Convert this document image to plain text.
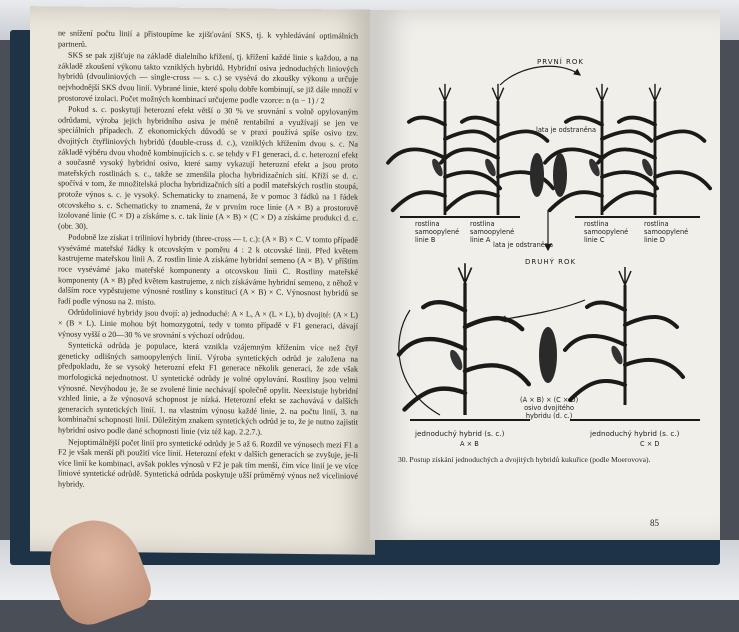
ne snížení počtu linií a přistoupíme ke zjišťování SKS, tj. k vyhledávání optimálních partnerů.

SKS se pak zjišťuje na základě dialelního křížení, tj. křížení každé linie s každou, a na základě zkoušení výkonu takto vzniklých hybridů. Hybridní osiva jednoduchých liniových hybridů (dvouliniových — single-cross — s. c.) se vysévá do zkoušky výkonu a určuje nejvhodnější SKS dvou linií. Vybrané linie, které spolu dobře kombinují, se již dále množí v prostorové izolaci. Počet možných kombinací určujeme podle vzorce: n (n − 1) / 2

Pokud s. c. poskytují heterozní efekt větší o 30 % ve srovnání s volně opylovaným odrůdami, výroba jejich hybridního osiva je méně rentabilní a využívají se jen ve speciálních případech. Z ekonomických důvodů se v praxi používá spíše osivo tzv. dvojitých čtyřliniových hybridů (double-cross d. c.), vzniklých křížením dvou s. c. Na základě výběru dvou vhodně kombinujících s. c. se tehdy v F1 generaci, d. c. heterozní efekt a současně vysoký hybridní osivo, které samy vykazují heterozní efekt a jsou proto mateřských rostlinách s. c., takže se zmenšila plocha hybridizačních sítí. Kříží se d. c. spočívá v tom, že množitelská plocha hybridizačních sítí a podíl mateřských rostlin stoupá, protože výnos s. c. je vysoký. Schematicky to znamená, že v pomoc 3 řádků na 1 řádek otcovského s. c. Schematicky to znamená, že v prvním roce linie (A × B) a prostorově izolované linie (C × D) a získáme s. c. tak linie (A × B) × (C × D) a získáme produkci d. c. (obr. 30).

Podobně lze získat i trilinioví hybridy (three-cross — t. c.): (A × B) × C. V tomto případě vysévámé mateřské řádky k otcovským v poměru 4 : 2 k otcovské linii. Před květem kastrujeme mateřskou linii A. Z rostlin linie A získáme hybridní semeno (A × B). V příštím roce vysévámé jako mateřské komponenty a otcovskou linii C. Rostliny mateřské komponenty (A × B) před květem kastrujeme, z nich získáváme hybridní semeno, z něhož v dalším roce vypěstujeme výnosné rostliny s konstitucí (A × B) × C. Výnosnost hybridů se řadí podle výnosu na 2. místo.

Odrůdoliniové hybridy jsou dvojí: a) jednoduché: A × L, A × (L × L), b) dvojité: (A × L) × (B × L). Linie mohou být homozygotní, tedy v tomto případě v F1 generaci, dávají výnosy vyšší o 20—30 % ve srovnání s výchozí odrůdou.

Syntetická odrůda je populace, která vznikla vzájemným křížením více než čtyř geneticky odlišných samoopylených linií. Výroba syntetických odrůd je založena na předpokladu, že se vysoký heterozní efekt F1 generace několik generací, že zde však morfologická nejednotnost. U syntetické odrůdy je volné opylování. Rostliny jsou velmi výnosné. Nevýhodou je, že se zvolené linie nechávají společně opylit. Neexistuje hybridní vzhled linie, a že výnosová schopnost je nízká. Heterozní efekt se zachovává v dalších generacích syntetických linií. 1. na vlastním výnosu každé linie, 2. na počtu linií, 3. na kombinační schopnosti linií. Důležitým znakem syntetických odrůd je to, že je nutno zajistit hybridní osivo podle dané schopnosti linie (viz též kap. 2.2.7.).

Nejoptimálnější počet linií pro syntetické odrůdy je 5 až 6. Rozdíl ve výnosech mezi F1 a F2 je však menší při použití více linií. Heterozní efekt v dalších generacích se zvyšuje, je-li více linií ke kombinaci, avšak pokles výnosů v F2 je pak tím menší, čím více linií je ve více liniové syntetické odrůdě. Syntetická odrůda poskytuje užší průměrný výnos než víceliniové hybridy.

85
PRVNÍ ROK
lata je odstraněna
rostlina
samoopylené
linie B
rostlina
samoopylené
linie A
rostlina
samoopylené
linie C
rostlina
samoopylené
linie D
lata je odstraněna
DRUHÝ ROK
(A × B) × (C × D)
osivo dvojitého
hybridu (d. c.)
jednoduchý hybrid (s. c.)	jednoduchý hybrid (s. c.)
A × B	C × D
30. Postup získání jednoduchých a dvojitých hybridů kukuřice (podle Moerovova).
